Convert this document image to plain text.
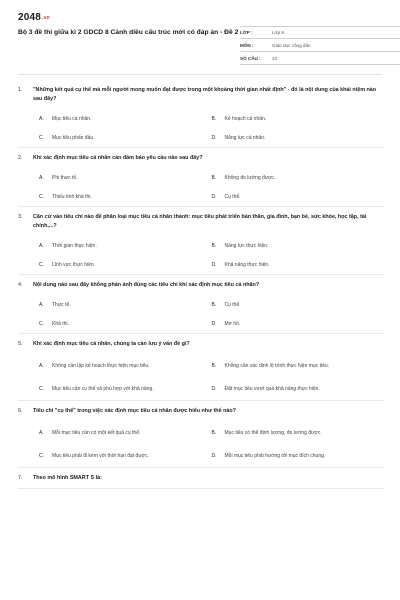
2048.vn
Bộ 3 đề thi giữa kì 2 GDCD 8 Cánh diều cấu trúc mới có đáp án - Đề 2 LỚP :	Lớp 8
MÔN :	Giáo dục công dân
SỐ CÂU :	24
1.	"Những kết quả cụ thể mà mỗi người mong muốn đạt được trong một khoảng thời gian nhất định" - đó là nội dung của khái niệm nào sau đây?
A.	Mục tiêu cá nhân.	B.	Kế hoạch cá nhân.
C.	Mục tiêu phấn đấu.	D.	Năng lực cá nhân.
2.	Khi xác định mục tiêu cá nhân cần đảm bảo yêu cầu nào sau đây?
A.	Phi thực tế.	B.	Không đo lường được.
C.	Thiếu tính khả thi.	D.	Cụ thể.
3.	Căn cứ vào tiêu chí nào để phân loại mục tiêu cá nhân thành: mục tiêu phát triển bản thân, gia đình, bạn bè, sức khỏe, học tập, tài chính,...?
A.	Thời gian thực hiện.	B.	Năng lực thực hiện.
C.	Lĩnh vực thực hiện.	D.	Khả năng thực hiện.
4.	Nội dung nào sau đây không phản ánh đúng các tiêu chí khi xác định mục tiêu cá nhân?
A.	Thực tế.	B.	Cụ thể.
C.	Khả thi.	D.	Mơ hồ.
5.	Khi xác định mục tiêu cá nhân, chúng ta cần lưu ý vấn đề gì?
A.	Không cần lập kế hoạch thực hiện mục tiêu.	B.	Không cần xác định lộ trình thực hiện mục tiêu.
C.	Mục tiêu cần cụ thể và phù hợp với khả năng.	D.	Đặt mục tiêu vượt quá khả năng thực hiện.
6.	Tiêu chí "cụ thể" trong việc xác định mục tiêu cá nhân được hiểu như thế nào?
A.	Mỗi mục tiêu cần có một kết quả cụ thể.	B.	Mục tiêu có thể định lượng, đo lường được.
C.	Mục tiêu phải đi kèm với thời hạn đạt được.	D.	Mỗi mục tiêu phải hướng tới mục đích chung.
7.	Theo mô hình SMART S là:
